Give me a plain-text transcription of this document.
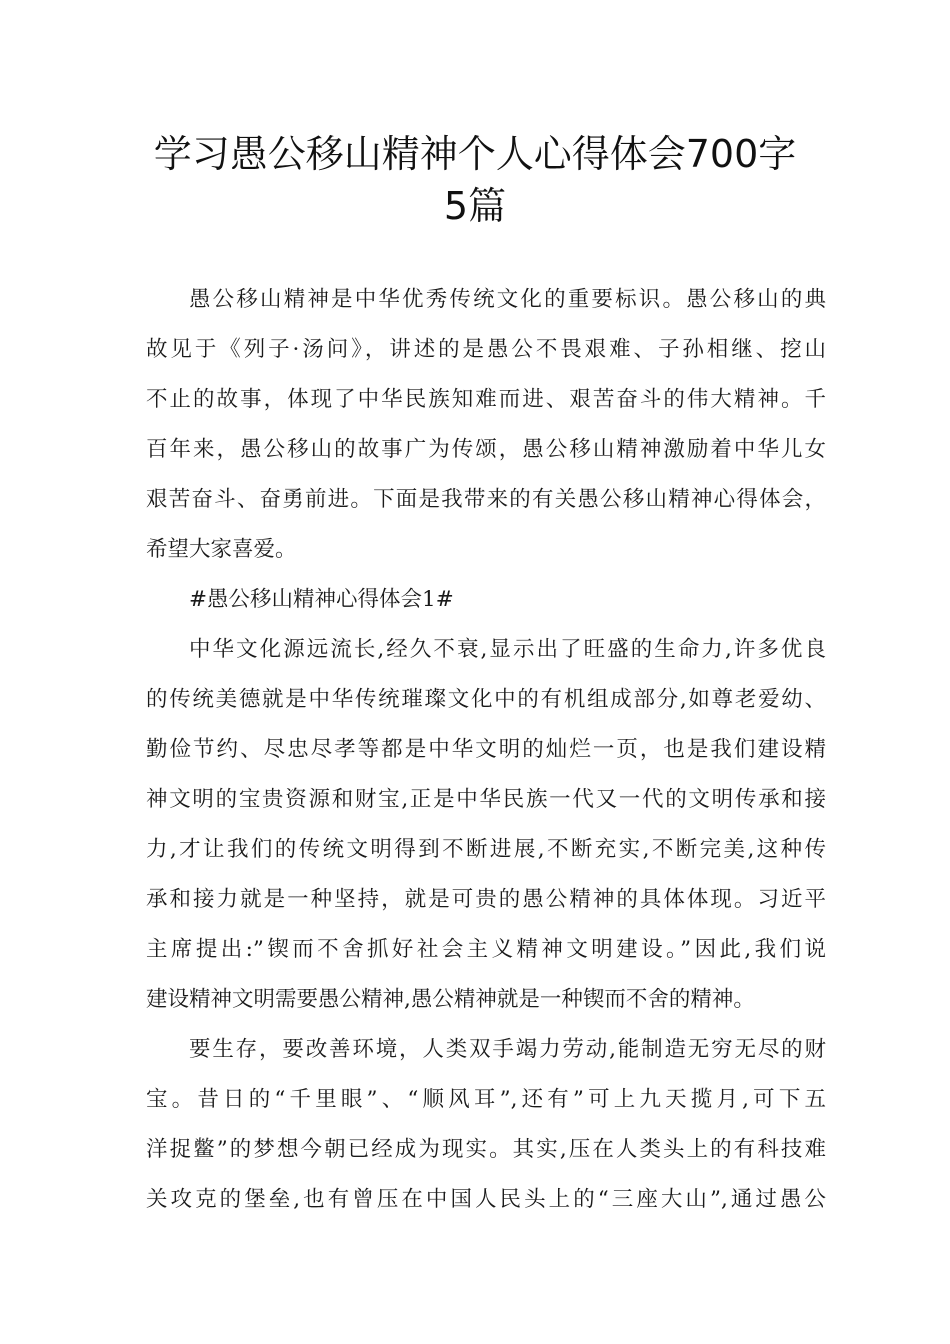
学习愚公移山精神个人心得体会700字
5篇
愚公移山精神是中华优秀传统文化的重要标识。愚公移山的典
故见于《列子·汤问》，讲述的是愚公不畏艰难、子孙相继、挖山
不止的故事，体现了中华民族知难而进、艰苦奋斗的伟大精神。千
百年来，愚公移山的故事广为传颂，愚公移山精神激励着中华儿女
艰苦奋斗、奋勇前进。下面是我带来的有关愚公移山精神心得体会，
希望大家喜爱。
#愚公移山精神心得体会1#
中华文化源远流长,经久不衰,显示出了旺盛的生命力,许多优良
的传统美德就是中华传统璀璨文化中的有机组成部分,如尊老爱幼、
勤俭节约、尽忠尽孝等都是中华文明的灿烂一页，也是我们建设精
神文明的宝贵资源和财宝,正是中华民族一代又一代的文明传承和接
力,才让我们的传统文明得到不断进展,不断充实,不断完美,这种传
承和接力就是一种坚持，就是可贵的愚公精神的具体体现。习近平
主席提出:”锲而不舍抓好社会主义精神文明建设。”因此,我们说
建设精神文明需要愚公精神,愚公精神就是一种锲而不舍的精神。
要生存，要改善环境，人类双手竭力劳动,能制造无穷无尽的财
宝。昔日的“千里眼”、“顺风耳”,还有”可上九天揽月,可下五
洋捉鳖”的梦想今朝已经成为现实。其实,压在人类头上的有科技难
关攻克的堡垒,也有曾压在中国人民头上的“三座大山”,通过愚公
